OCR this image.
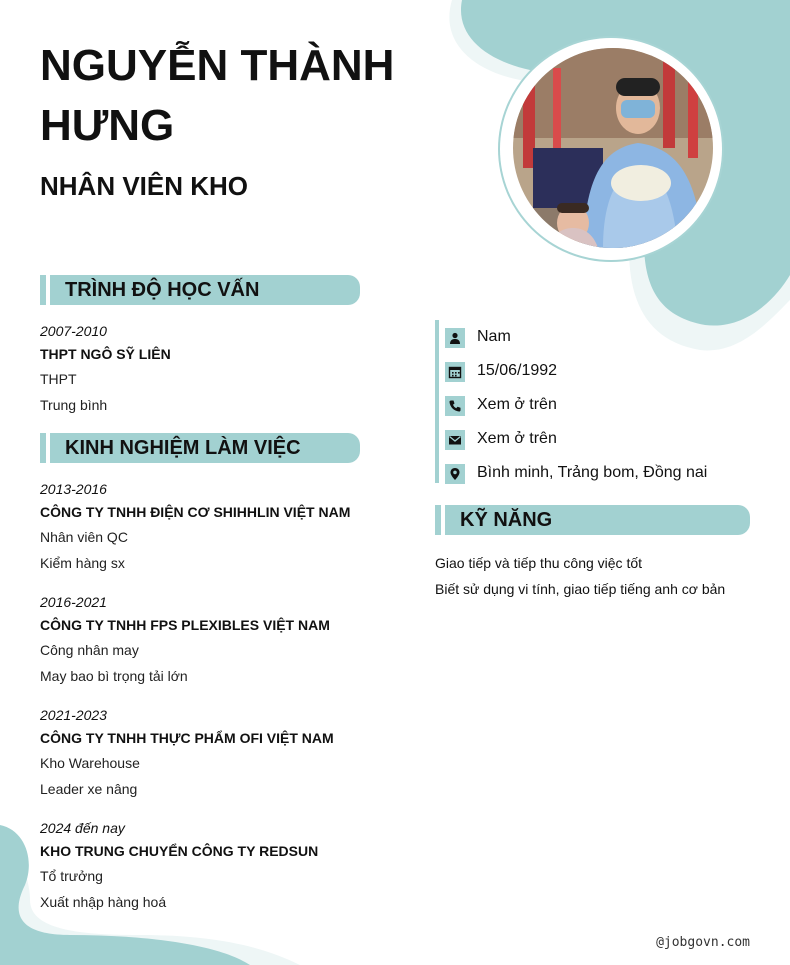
NGUYỄN THÀNH
HƯNG
NHÂN VIÊN KHO
TRÌNH ĐỘ HỌC VẤN
2007-2010
THPT NGÔ SỸ LIÊN
THPT
Trung bình
KINH NGHIỆM LÀM VIỆC
2013-2016
CÔNG TY TNHH ĐIỆN CƠ SHIHHLIN VIỆT NAM
Nhân viên QC
Kiểm hàng sx
2016-2021
CÔNG TY TNHH FPS PLEXIBLES VIỆT NAM
Công nhân may
May bao bì trọng tải lớn
2021-2023
CÔNG TY TNHH THỰC PHẨM OFI VIỆT NAM
Kho Warehouse
Leader xe nâng
2024 đến nay
KHO TRUNG CHUYỂN CÔNG TY REDSUN
Tổ trưởng
Xuất nhập hàng hoá
Nam
15/06/1992
Xem ở trên
Xem ở trên
Bình minh, Trảng bom, Đồng nai
KỸ NĂNG
Giao tiếp và tiếp thu công việc tốt
Biết sử dụng vi tính, giao tiếp tiếng anh cơ bản
@jobgovn.com
